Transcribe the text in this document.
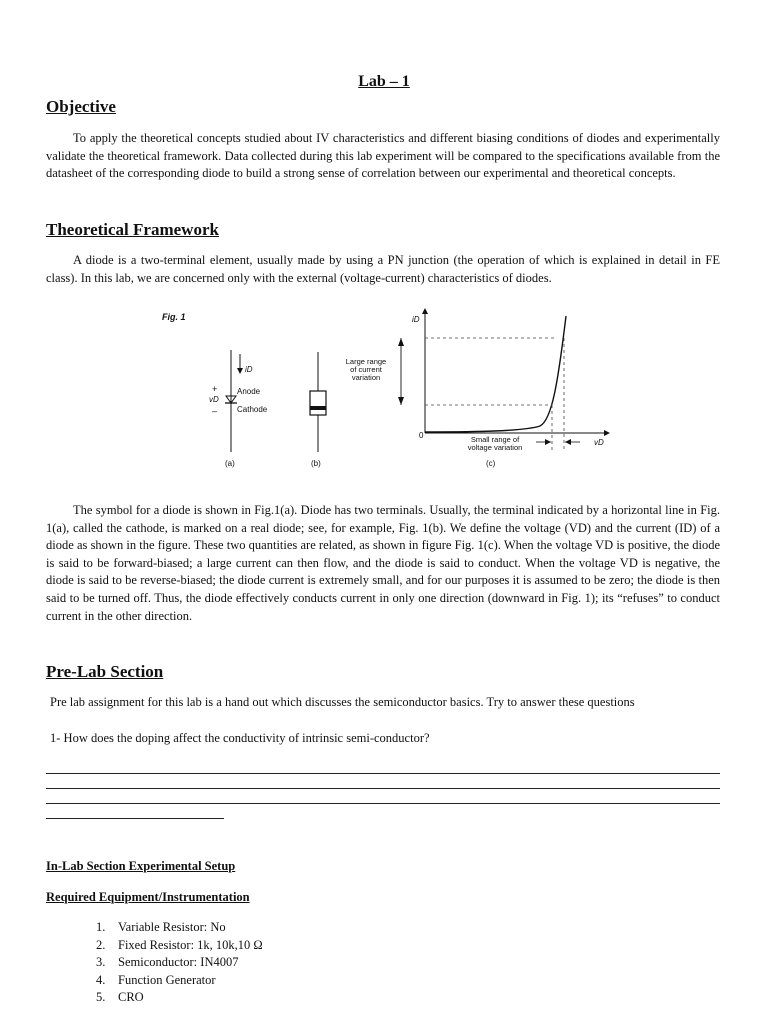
Lab – 1
Objective

To apply the theoretical concepts studied about IV characteristics and different biasing conditions of diodes and experimentally validate the theoretical framework. Data collected during this lab experiment will be compared to the specifications available from the datasheet of the corresponding diode to build a strong sense of correlation between our experimental and theoretical concepts.

Theoretical Framework

A diode is a two-terminal element, usually made by using a PN junction (the operation of which is explained in detail in FE class). In this lab, we are concerned only with the external (voltage-current) characteristics of diodes.

Fig. 1
iD
+
vD
–
Anode
Cathode
(a)	(b)
iD
vD
0
Large range
of current
variation
Small range of
voltage variation
(c)

The symbol for a diode is shown in Fig.1(a). Diode has two terminals. Usually, the terminal indicated by a horizontal line in Fig. 1(a), called the cathode, is marked on a real diode; see, for example, Fig. 1(b). We define the voltage (VD) and the current (ID) of a diode as shown in the figure. These two quantities are related, as shown in figure Fig. 1(c). When the voltage VD is positive, the diode is said to be forward-biased; a large current can then flow, and the diode is said to conduct. When the voltage VD is negative, the diode is said to be reverse-biased; the diode current is extremely small, and for our purposes it is assumed to be zero; the diode is then said to be turned off. Thus, the diode effectively conducts current in only one direction (downward in Fig. 1); its “refuses” to conduct current in the other direction.

Pre-Lab Section
Pre lab assignment for this lab is a hand out which discusses the semiconductor basics. Try to answer these questions
1- How does the doping affect the conductivity of intrinsic semi-conductor?
In-Lab Section Experimental Setup
Required Equipment/Instrumentation
1.	Variable Resistor: No
2.	Fixed Resistor: 1k, 10k,10 Ω
3.	Semiconductor: IN4007
4.	Function Generator
5.	CRO
